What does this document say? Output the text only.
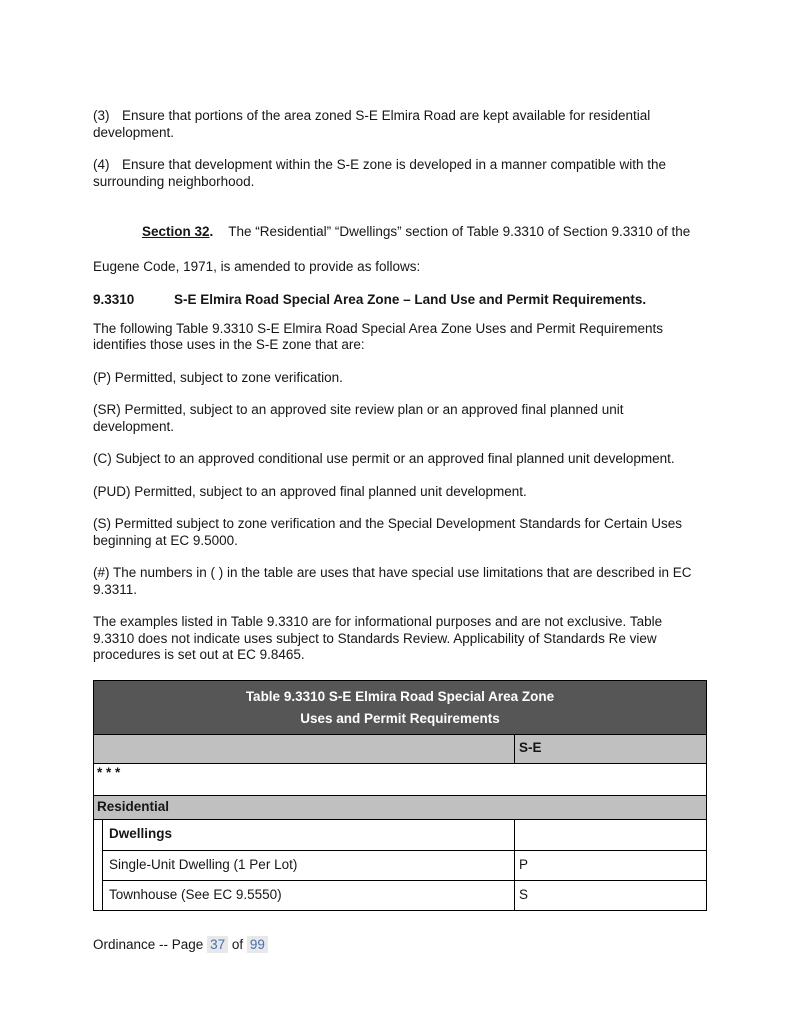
(3) Ensure that portions of the area zoned S-E Elmira Road are kept available for residential development.

(4) Ensure that development within the S-E zone is developed in a manner compatible with the surrounding neighborhood.

Section 32. The “Residential” “Dwellings” section of Table 9.3310 of Section 9.3310 of the Eugene Code, 1971, is amended to provide as follows:

9.3310	S-E Elmira Road Special Area Zone – Land Use and Permit Requirements.

The following Table 9.3310 S-E Elmira Road Special Area Zone Uses and Permit Requirements identifies those uses in the S-E zone that are:

(P) Permitted, subject to zone verification.

(SR) Permitted, subject to an approved site review plan or an approved final planned unit development.

(C) Subject to an approved conditional use permit or an approved final planned unit development.

(PUD) Permitted, subject to an approved final planned unit development.

(S) Permitted subject to zone verification and the Special Development Standards for Certain Uses beginning at EC 9.5000.

(#) The numbers in ( ) in the table are uses that have special use limitations that are described in EC 9.3311.

The examples listed in Table 9.3310 are for informational purposes and are not exclusive. Table 9.3310 does not indicate uses subject to Standards Review. Applicability of Standards Re view procedures is set out at EC 9.8465.

Table 9.3310 S-E Elmira Road Special Area Zone
Uses and Permit Requirements
S-E
* * *
Residential
Dwellings
Single-Unit Dwelling (1 Per Lot)	P
Townhouse (See EC 9.5550)	S
Ordinance -- Page 37 of 99
